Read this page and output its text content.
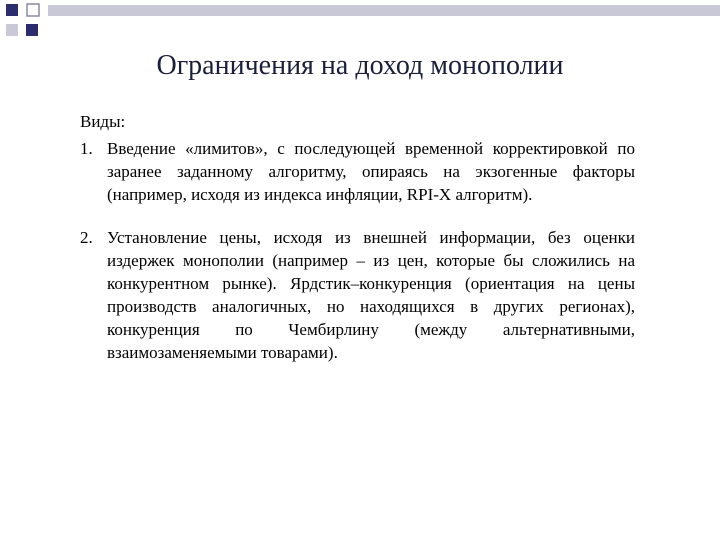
Ограничения на доход монополии

Виды:

1. Введение «лимитов», с последующей временной корректировкой по заранее заданному алгоритму, опираясь на экзогенные факторы (например, исходя из индекса инфляции, RPI-X алгоритм).
2. Установление цены, исходя из внешней информации, без оценки издержек монополии (например – из цен, которые бы сложились на конкурентном рынке). Ярдстик–конкуренция (ориентация на цены производств аналогичных, но находящихся в других регионах), конкуренция по Чембирлину (между альтернативными, взаимозаменяемыми товарами).
